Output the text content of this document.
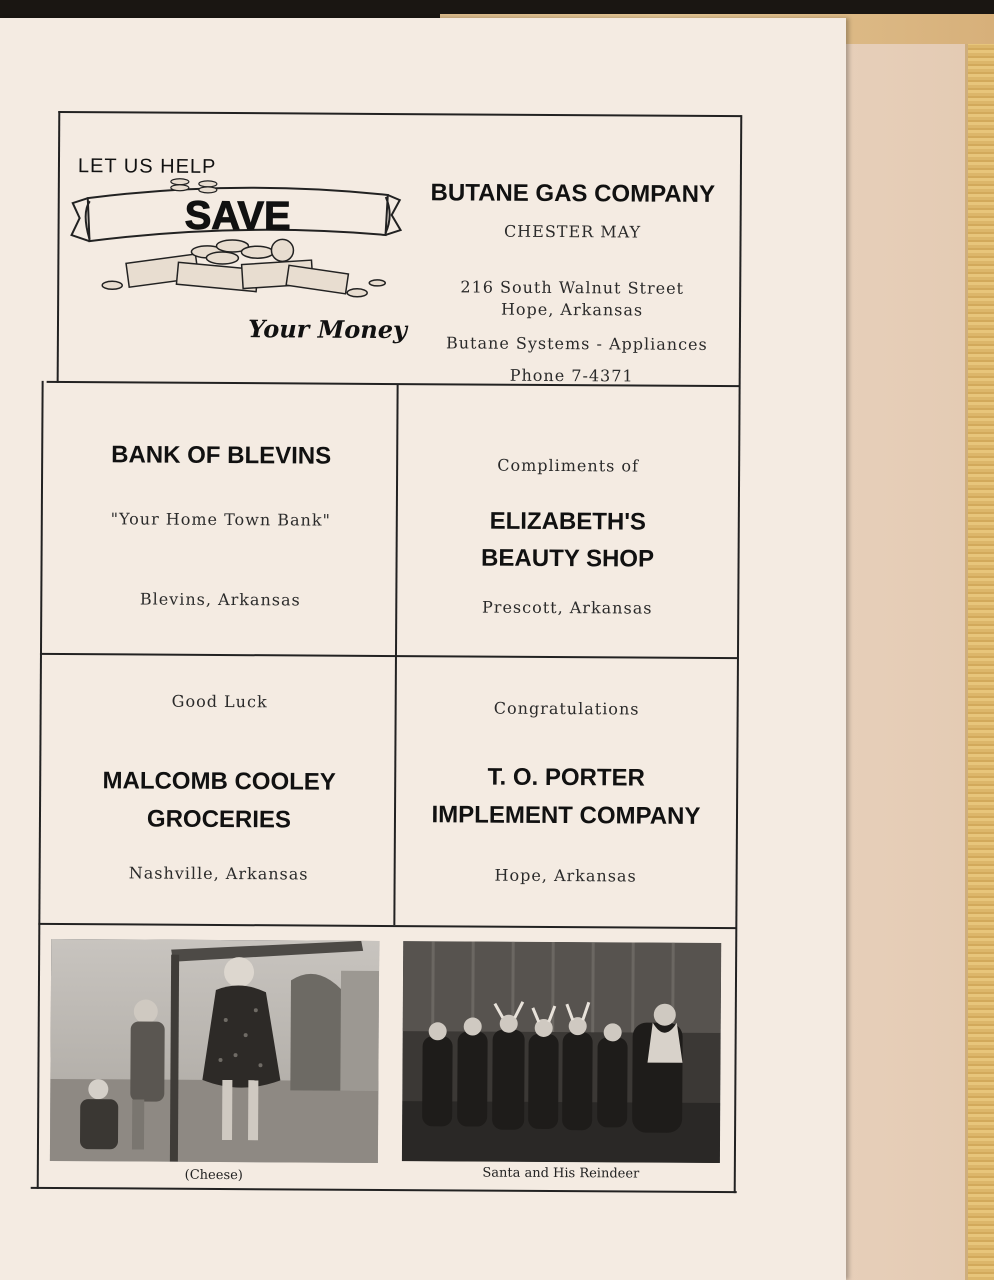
LET US HELP
SAVE
Your Money
BUTANE GAS COMPANY
CHESTER MAY
216 South Walnut Street
Hope, Arkansas
Butane Systems - Appliances
Phone 7-4371
BANK OF BLEVINS
"Your Home Town Bank"
Blevins, Arkansas
Compliments of
ELIZABETH'S
BEAUTY SHOP
Prescott, Arkansas
Good Luck
MALCOMB COOLEY
GROCERIES
Nashville, Arkansas
Congratulations
T. O. PORTER
IMPLEMENT COMPANY
Hope, Arkansas
(Cheese)	Santa and His Reindeer
